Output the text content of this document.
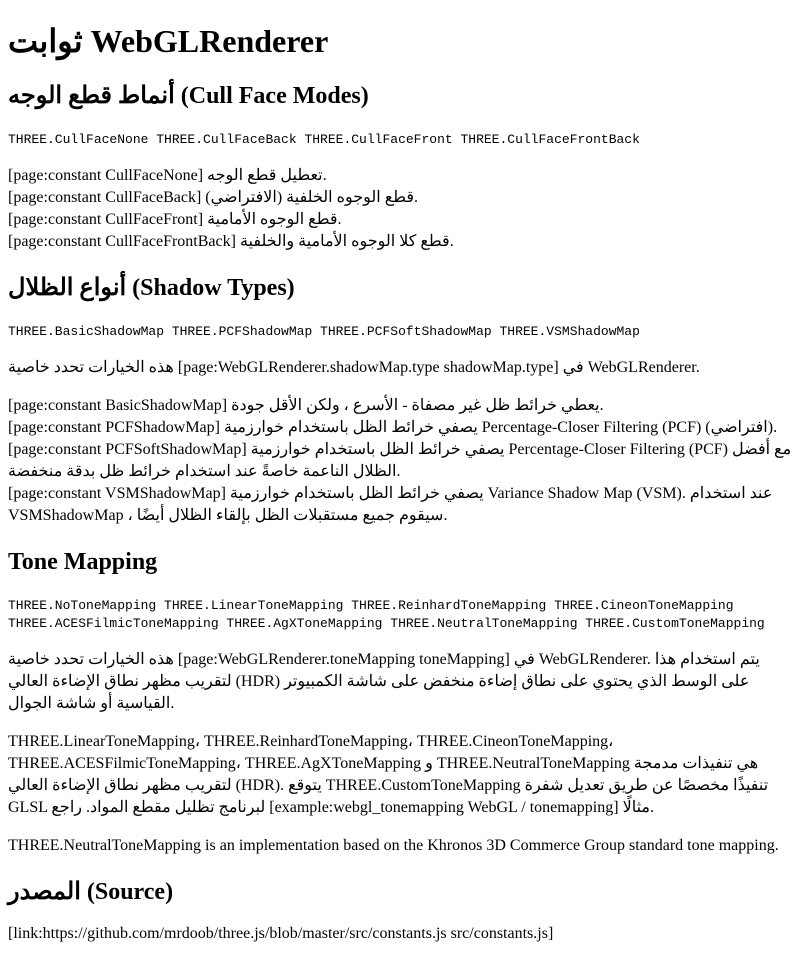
ثوابت WebGLRenderer
أنماط قطع الوجه (Cull Face Modes)
THREE.CullFaceNone THREE.CullFaceBack THREE.CullFaceFront THREE.CullFaceFrontBack
[page:constant CullFaceNone] تعطيل قطع الوجه.
[page:constant CullFaceBack] قطع الوجوه الخلفية (الافتراضي).
[page:constant CullFaceFront] قطع الوجوه الأمامية.
[page:constant CullFaceFrontBack] قطع كلا الوجوه الأمامية والخلفية.
أنواع الظلال (Shadow Types)
THREE.BasicShadowMap THREE.PCFShadowMap THREE.PCFSoftShadowMap THREE.VSMShadowMap

هذه الخيارات تحدد خاصية [page:WebGLRenderer.shadowMap.type shadowMap.type] في WebGLRenderer.

[page:constant BasicShadowMap] يعطي خرائط ظل غير مصفاة - الأسرع ، ولكن الأقل جودة.
[page:constant PCFShadowMap] يصفي خرائط الظل باستخدام خوارزمية Percentage-Closer Filtering (PCF) (افتراضي).
[page:constant PCFSoftShadowMap] يصفي خرائط الظل باستخدام خوارزمية Percentage-Closer Filtering (PCF) مع أفضل الظلال الناعمة خاصةً عند استخدام خرائط ظل بدقة منخفضة.
[page:constant VSMShadowMap] يصفي خرائط الظل باستخدام خوارزمية Variance Shadow Map (VSM). عند استخدام VSMShadowMap ، سيقوم جميع مستقبلات الظل بإلقاء الظلال أيضًا.
Tone Mapping
THREE.NoToneMapping THREE.LinearToneMapping THREE.ReinhardToneMapping THREE.CineonToneMapping THREE.ACESFilmicToneMapping THREE.AgXToneMapping THREE.NeutralToneMapping THREE.CustomToneMapping

هذه الخيارات تحدد خاصية [page:WebGLRenderer.toneMapping toneMapping] في WebGLRenderer. يتم استخدام هذا لتقريب مظهر نطاق الإضاءة العالي (HDR) على الوسط الذي يحتوي على نطاق إضاءة منخفض على شاشة الكمبيوتر القياسية أو شاشة الجوال.

THREE.LinearToneMapping، THREE.ReinhardToneMapping، THREE.CineonToneMapping، THREE.ACESFilmicToneMapping، THREE.AgXToneMapping و THREE.NeutralToneMapping هي تنفيذات مدمجة لتقريب مظهر نطاق الإضاءة العالي (HDR). يتوقع THREE.CustomToneMapping تنفيذًا مخصصًا عن طريق تعديل شفرة GLSL لبرنامج تظليل مقطع المواد. راجع [example:webgl_tonemapping WebGL / tonemapping] مثالًا.

THREE.NeutralToneMapping is an implementation based on the Khronos 3D Commerce Group standard tone mapping.

المصدر (Source)

[link:https://github.com/mrdoob/three.js/blob/master/src/constants.js src/constants.js]
